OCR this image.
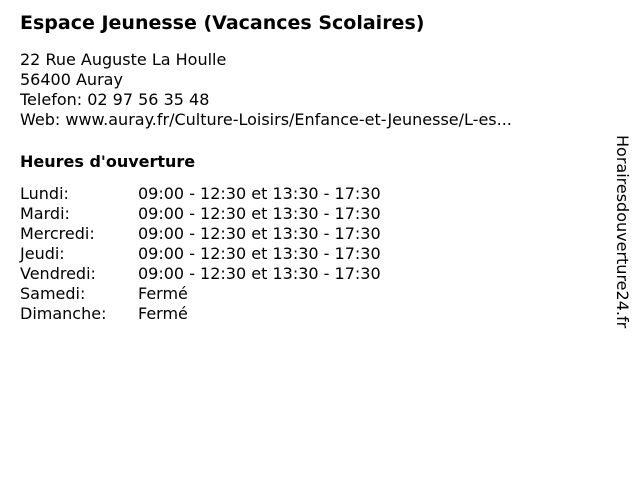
Espace Jeunesse (Vacances Scolaires)
22 Rue Auguste La Houlle
56400 Auray
Telefon: 02 97 56 35 48
Web: www.auray.fr/Culture-Loisirs/Enfance-et-Jeunesse/L-es...
Heures d'ouverture
Lundi:	09:00 - 12:30 et 13:30 - 17:30
Mardi:	09:00 - 12:30 et 13:30 - 17:30
Mercredi:	09:00 - 12:30 et 13:30 - 17:30
Jeudi:	09:00 - 12:30 et 13:30 - 17:30
Vendredi:	09:00 - 12:30 et 13:30 - 17:30
Samedi:	Fermé
Dimanche:	Fermé	Horairesdouverture24.fr
